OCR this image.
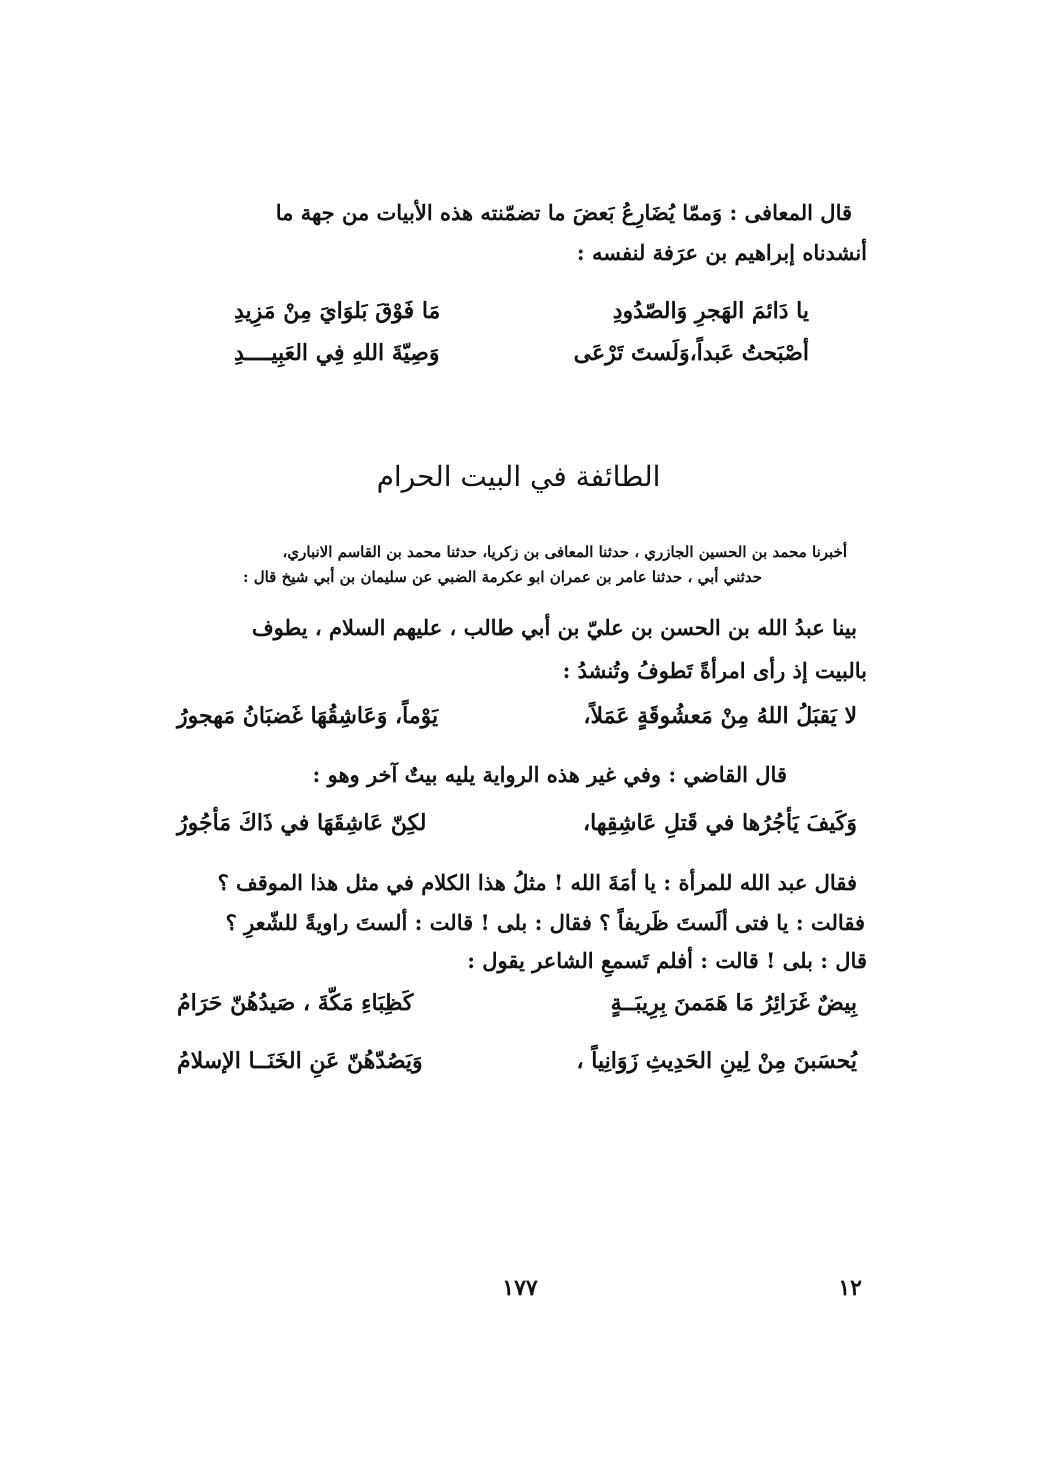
قال المعافى : وَممّا يُضَارِعُ بَعضَ ما تضمّنته هذه الأبيات من جهة ما
أنشدناه إبراهيم بن عرَفة لنفسه :
يا دَائمَ الهَجرِ وَالصّدُودِ
مَا فَوْقَ بَلوَايَ مِنْ مَزِيدِ
أصْبَحتُ عَبداً،وَلَستَ تَرْعَى
وَصِيّةَ اللهِ فِي العَبِيــــدِ
الطائفة في البيت الحرام
أخبرنا محمد بن الحسين الجازري ، حدثنا المعافى بن زكريا، حدثنا محمد بن القاسم الانباري،
حدثني أبي ، حدثنا عامر بن عمران ابو عكرمة الضبي عن سليمان بن أبي شيخ قال :
بينا عبدُ الله بن الحسن بن عليّ بن أبي طالب ، عليهم السلام ، يطوف
بالبيت إذ رأى امرأةً تَطوفُ وتُنشدُ :
لا يَقبَلُ اللهُ مِنْ مَعشُوقَةٍ عَمَلاً،
يَوْماً، وَعَاشِقُهَا غَضبَانُ مَهجورُ
قال القاضي : وفي غير هذه الرواية يليه بيتٌ آخر وهو :
وَكَيفَ يَأجُرُها في قَتلِ عَاشِقِها،
لكِنّ عَاشِقَهَا في ذَاكَ مَأجُورُ
فقال عبد الله للمرأة : يا أمَةَ الله ! مثلُ هذا الكلام في مثل هذا الموقف ؟
فقالت : يا فتى ألَستَ ظَريفاً ؟ فقال : بلى ! قالت : ألستَ راويةً للشّعرِ ؟
قال : بلى ! قالت : أفلم تَسمعِ الشاعر يقول :
بِيضٌ غَرَائِرُ مَا هَمَمنَ بِرِيبَــةٍ
كَظِبَاءِ مَكّةَ ، صَيدُهُنّ حَرَامُ
يُحسَبنَ مِنْ لِينِ الحَدِيثِ زَوَانِياً ،
وَيَصُدّهُنّ عَنِ الخَنَــا الإسلامُ
١٧٧	١٢
